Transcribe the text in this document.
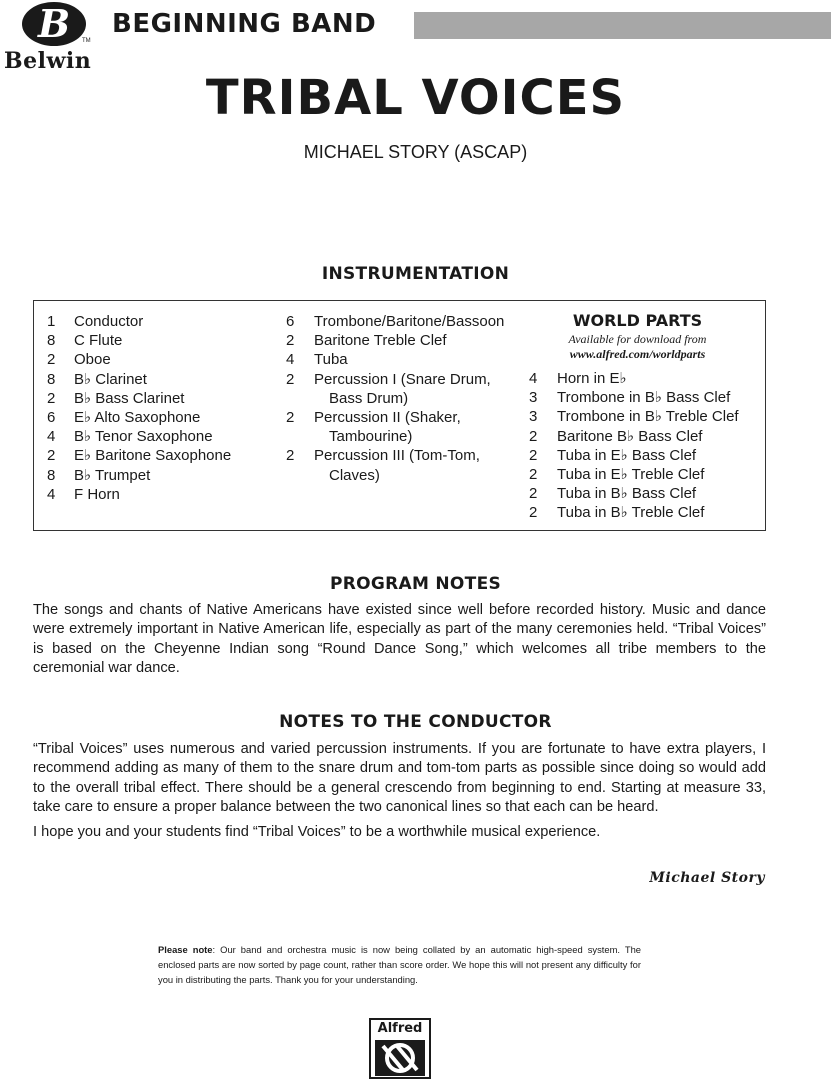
B	TM
Belwin
BEGINNING BAND
TRIBAL VOICES
MICHAEL STORY (ASCAP)
INSTRUMENTATION
1	Conductor
8	C Flute
2	Oboe
8	B♭ Clarinet
2	B♭ Bass Clarinet
6	E♭ Alto Saxophone
4	B♭ Tenor Saxophone
2	E♭ Baritone Saxophone
8	B♭ Trumpet
4	F Horn
6	Trombone/Baritone/Bassoon
2	Baritone Treble Clef
4	Tuba
2	Percussion I (Snare Drum,
Bass Drum)
2	Percussion II (Shaker,
Tambourine)
2	Percussion III (Tom-Tom,
Claves)
WORLD PARTS
Available for download from
www.alfred.com/worldparts
4	Horn in E♭
3	Trombone in B♭ Bass Clef
3	Trombone in B♭ Treble Clef
2	Baritone B♭ Bass Clef
2	Tuba in E♭ Bass Clef
2	Tuba in E♭ Treble Clef
2	Tuba in B♭ Bass Clef
2	Tuba in B♭ Treble Clef
PROGRAM NOTES
The songs and chants of Native Americans have existed since well before recorded history. Music and dance were extremely important in Native American life, especially as part of the many ceremonies held. “Tribal Voices” is based on the Cheyenne Indian song “Round Dance Song,” which welcomes all tribe members to the ceremonial war dance.
NOTES TO THE CONDUCTOR
“Tribal Voices” uses numerous and varied percussion instruments. If you are fortunate to have extra players, I recommend adding as many of them to the snare drum and tom-tom parts as possible since doing so would add to the overall tribal effect. There should be a general crescendo from beginning to end. Starting at measure 33, take care to ensure a proper balance between the two canonical lines so that each can be heard.
I hope you and your students find “Tribal Voices” to be a worthwhile musical experience.
Michael Story
Please note: Our band and orchestra music is now being collated by an automatic high-speed system. The enclosed parts are now sorted by page count, rather than score order. We hope this will not present any difficulty for you in distributing the parts. Thank you for your understanding.
Alfred
